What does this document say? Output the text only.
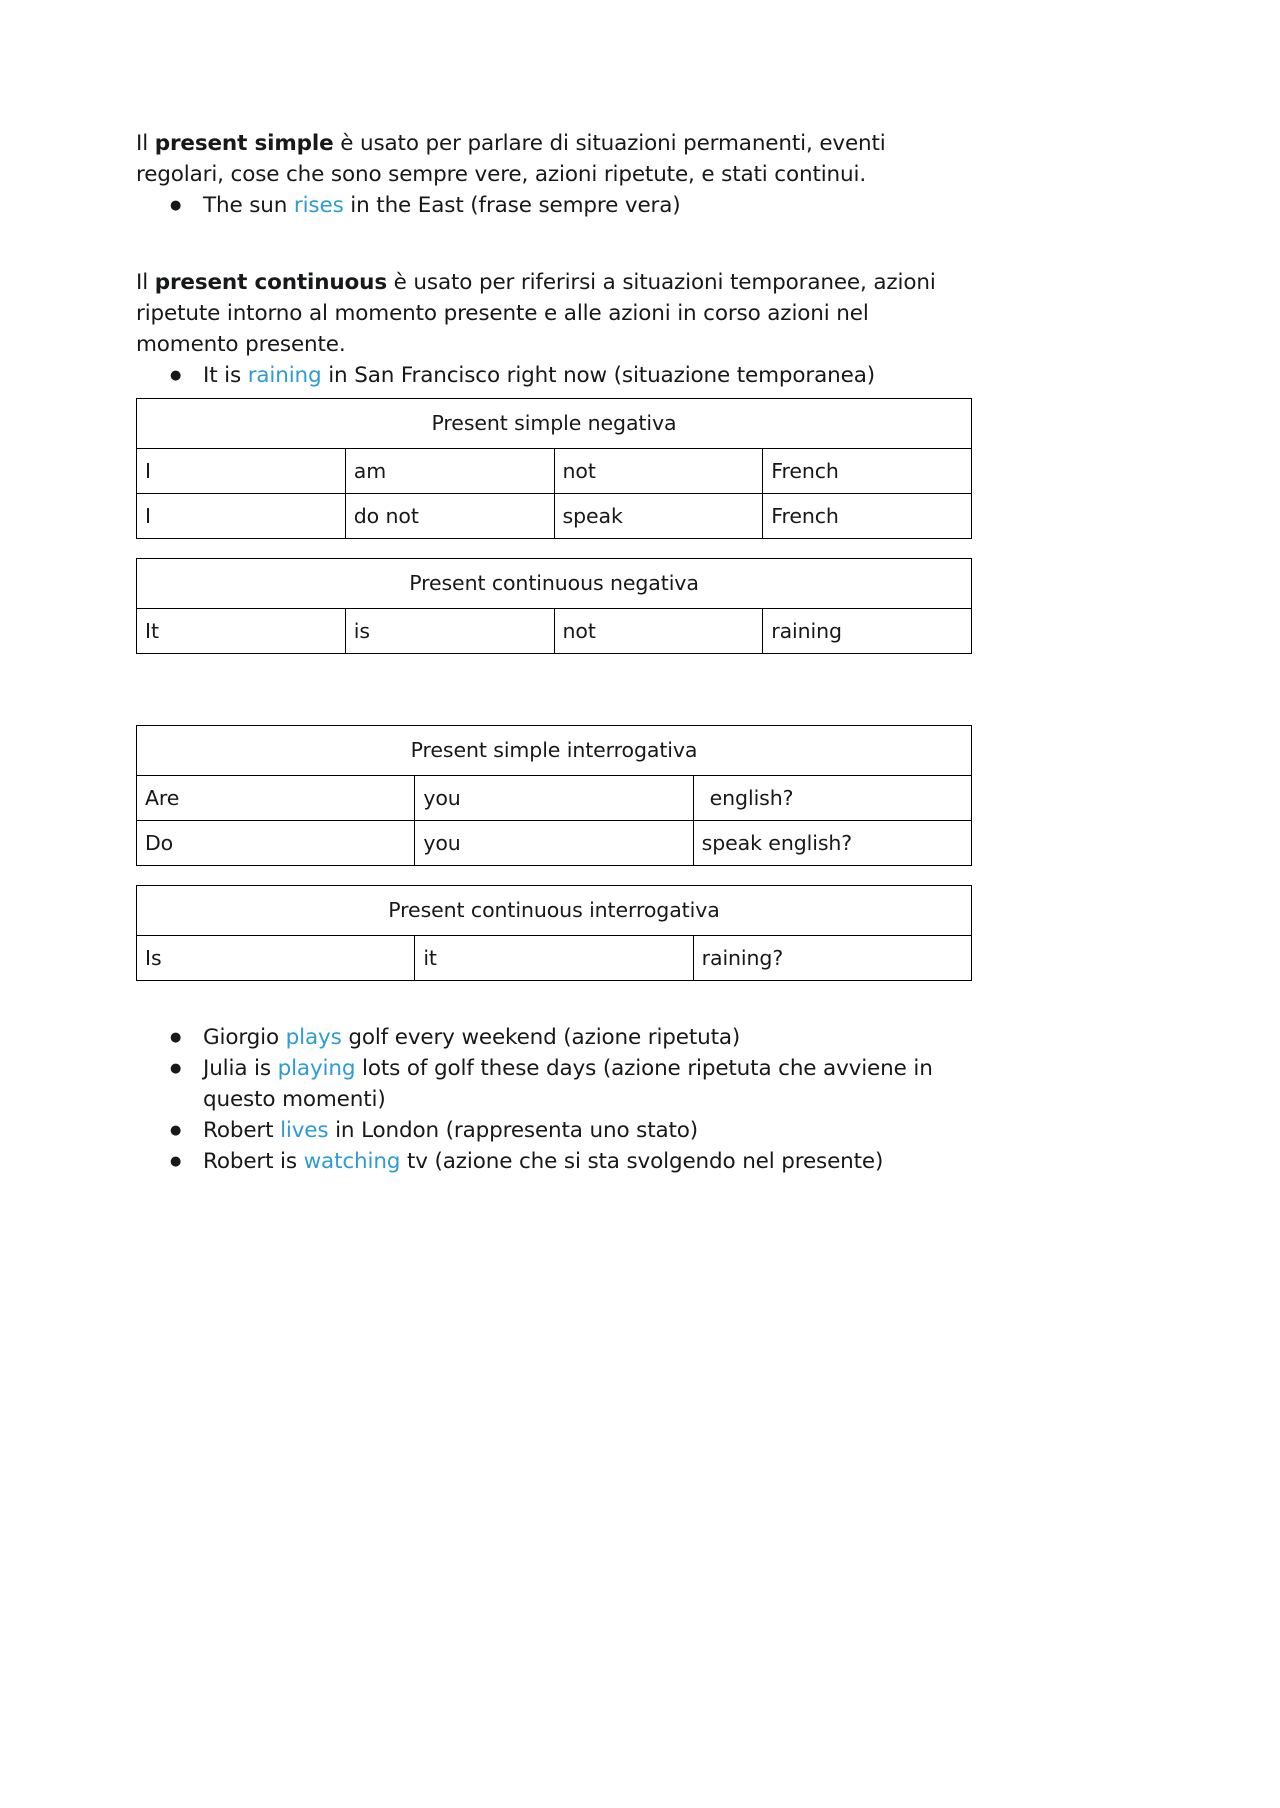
Il present simple è usato per parlare di situazioni permanenti, eventi regolari, cose che sono sempre vere, azioni ripetute, e stati continui.

● The sun rises in the East (frase sempre vera)

Il present continuous è usato per riferirsi a situazioni temporanee, azioni ripetute intorno al momento presente e alle azioni in corso azioni nel momento presente.

● It is raining in San Francisco right now (situazione temporanea)
Present simple negativa			
I	am	not	French
I	do not	speak	French
Present continuous negativa
It	is	not	raining
Present simple interrogativa		
Are	you	english?
Do	you	speak english?
Present continuous interrogativa
Is	it	raining?
● Giorgio plays golf every weekend (azione ripetuta)
● Julia is playing lots of golf these days (azione ripetuta che avviene in questo momenti)
● Robert lives in London (rappresenta uno stato)
● Robert is watching tv (azione che si sta svolgendo nel presente)
